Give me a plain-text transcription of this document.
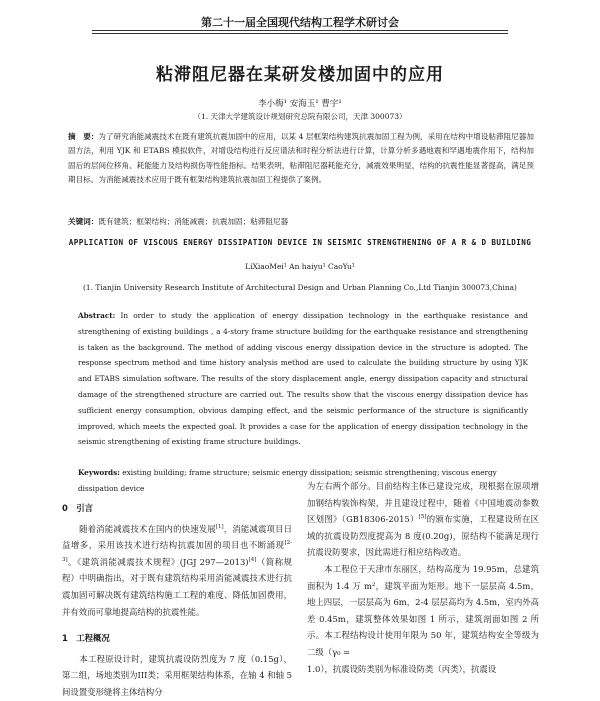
第二十一届全国现代结构工程学术研讨会
粘滞阻尼器在某研发楼加固中的应用
李小梅¹ 安海玉¹ 曹宇¹
（1. 天津大学建筑设计规划研究总院有限公司，天津 300073）
摘　要：为了研究消能减震技术在既有建筑抗震加固中的应用，以某 4 层框架结构建筑抗震加固工程为例，采用在结构中增设粘滞阻尼器加固方法，利用 YJK 和 ETABS 模拟软件，对增设结构进行反应谱法和时程分析法进行计算，计算分析多遇地震和罕遇地震作用下，结构加固后的层间位移角、耗能能力及结构损伤等性能指标。结果表明，粘滞阻尼器耗能充分，减震效果明显，结构的抗震性能显著提高，满足预期目标。为消能减震技术应用于既有框架结构建筑抗震加固工程提供了案例。
关键词：既有建筑；框架结构；消能减震；抗震加固；粘滞阻尼器
APPLICATION OF VISCOUS ENERGY DISSIPATION DEVICE IN SEISMIC STRENGTHENING OF A R & D BUILDING
LiXiaoMei¹ An haiyu¹ CaoYu¹
(1. Tianjin University Research Institute of Architectural Design and Urban Planning Co.,Ltd Tianjin 300073,China)
Abstract: In order to study the application of energy dissipation technology in the earthquake resistance and strengthening of existing buildings , a 4-story frame structure building for the earthquake resistance and strengthening is taken as the background. The method of adding viscous energy dissipation device in the structure is adopted. The response spectrum method and time history analysis method are used to calculate the building structure by using YJK and ETABS simulation software. The results of the story displacement angle, energy dissipation capacity and structural damage of the strengthened structure are carried out. The results show that the viscous energy dissipation device has sufficient energy consumption, obvious damping effect, and the seismic performance of the structure is significantly improved, which meets the expected goal. It provides a case for the application of energy dissipation technology in the seismic strengthening of existing frame structure buildings.
Keywords: existing building; frame structure; seismic energy dissipation; seismic strengthening; viscous energy dissipation device
0　引言

　　随着消能减震技术在国内的快速发展[1]，消能减震项目日益增多，采用该技术进行结构抗震加固的项目也不断涌现[2-3]。《建筑消能减震技术规程》(JGJ 297—2013)[4]（简称规程）中明确指出，对于既有建筑结构采用消能减震技术进行抗震加固可解决既有建筑结构施工工程的难度、降低加固费用，并有效而可靠地提高结构的抗震性能。

1　工程概况

　　本工程原设计时，建筑抗震设防烈度为 7 度（0.15g），第二组，场地类别为III类；采用框架结构体系，在轴 4 和轴 5 间设置变形缝将主体结构分

为左右两个部分。目前结构主体已建设完成，现根据在原项增加钢结构装饰构架，并且建设过程中，随着《中国地震动参数区划图》（GB18306-2015）[5]的颁布实施，工程建设所在区域的抗震设防烈度提高为 8 度(0.20g)，原结构不能满足现行抗震设防要求，因此需进行相应结构改造。

　　本工程位于天津市东丽区，结构高度为 19.95m，总建筑面积为 1.4 万 m²，建筑平面为矩形。地下一层层高 4.5m，地上四层，一层层高为 6m，2-4 层层高均为 4.5m，室内外高差 0.45m，建筑整体效果如图 1 所示，建筑剖面如图 2 所示。本工程结构设计使用年限为 50 年，建筑结构安全等级为二级（γ₀ =

1.0），抗震设防类别为标准设防类（丙类），抗震设
